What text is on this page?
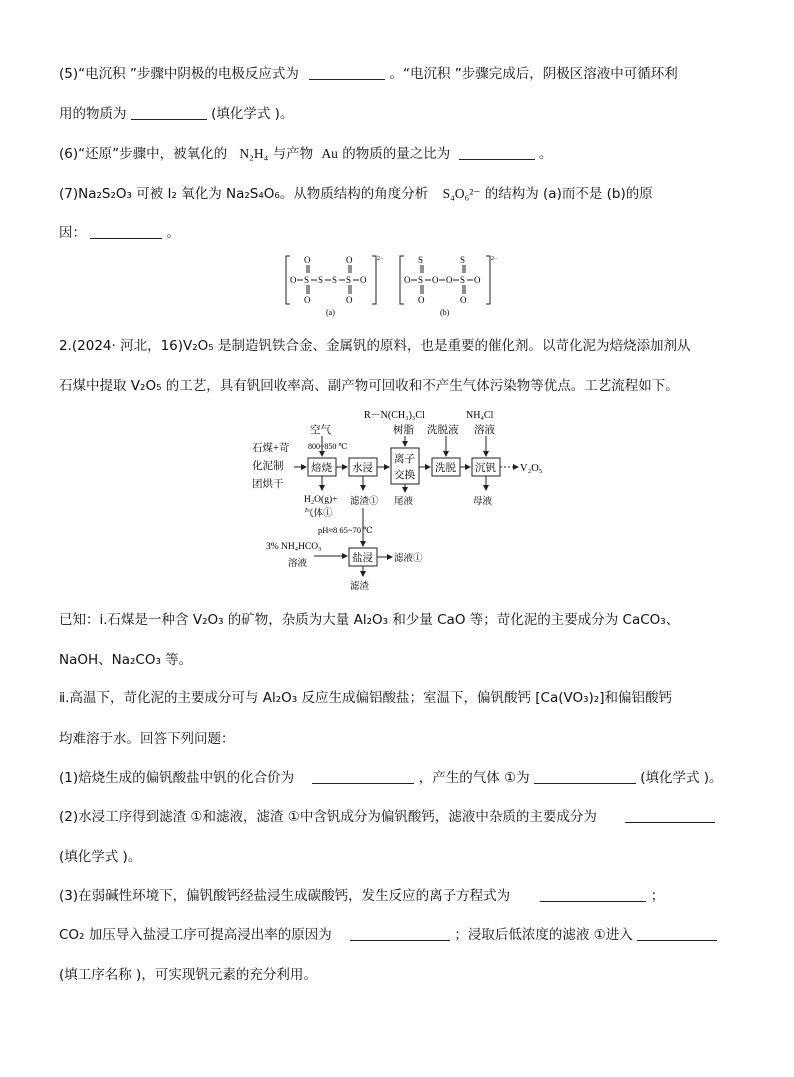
(5)“电沉积 ”步骤中阴极的电极反应式为	。“电沉积 ”步骤完成后，阴极区溶液中可循环利
用的物质为	(填化学式 )。
(6)“还原”步骤中，被氧化的 N₂H₄ 与产物 Au 的物质的量之比为	。
(7)Na₂S₂O₃ 可被 I₂ 氧化为 Na₂S₄O₆。从物质结构的角度分析 S₄O₆²⁻ 的结构为 (a)而不是 (b)的原
因：	。
2−
O S
O
O
S S S
O
O
O
(a)
2−
O S
S
O
O O S
S
O
O
(b)
2.(2024· 河北，16)V₂O₅ 是制造钒铁合金、金属钒的原料，也是重要的催化剂。以苛化泥为焙烧添加剂从
石煤中提取 V₂O₅ 的工艺，具有钒回收率高、副产物可回收和不产生气体污染物等优点。工艺流程如下。
石煤+苛
化泥制
团烘干
焙烧
空气
800~850 ℃
H₂O(g)+
气体①
水浸
滤渣①
离子
交换
R－N(CH₃)₃Cl
树脂
尾液
洗脱
洗脱液
沉钒
NH₄Cl
溶液
母液
V₂O₅
pH≈8 65~70 ℃
3% NH₄HCO₃
溶液	盐浸 滤液①
滤渣
已知：ⅰ.石煤是一种含 V₂O₃ 的矿物，杂质为大量 Al₂O₃ 和少量 CaO 等；苛化泥的主要成分为 CaCO₃、
NaOH、Na₂CO₃ 等。
ⅱ.高温下，苛化泥的主要成分可与 Al₂O₃ 反应生成偏铝酸盐；室温下，偏钒酸钙 [Ca(VO₃)₂]和偏铝酸钙
均难溶于水。回答下列问题：
(1)焙烧生成的偏钒酸盐中钒的化合价为	，产生的气体 ①为	(填化学式 )。
(2)水浸工序得到滤渣 ①和滤液，滤渣 ①中含钒成分为偏钒酸钙，滤液中杂质的主要成分为
(填化学式 )。
(3)在弱碱性环境下，偏钒酸钙经盐浸生成碳酸钙，发生反应的离子方程式为	；
CO₂ 加压导入盐浸工序可提高浸出率的原因为	；浸取后低浓度的滤液 ①进入
(填工序名称 )，可实现钒元素的充分利用。
